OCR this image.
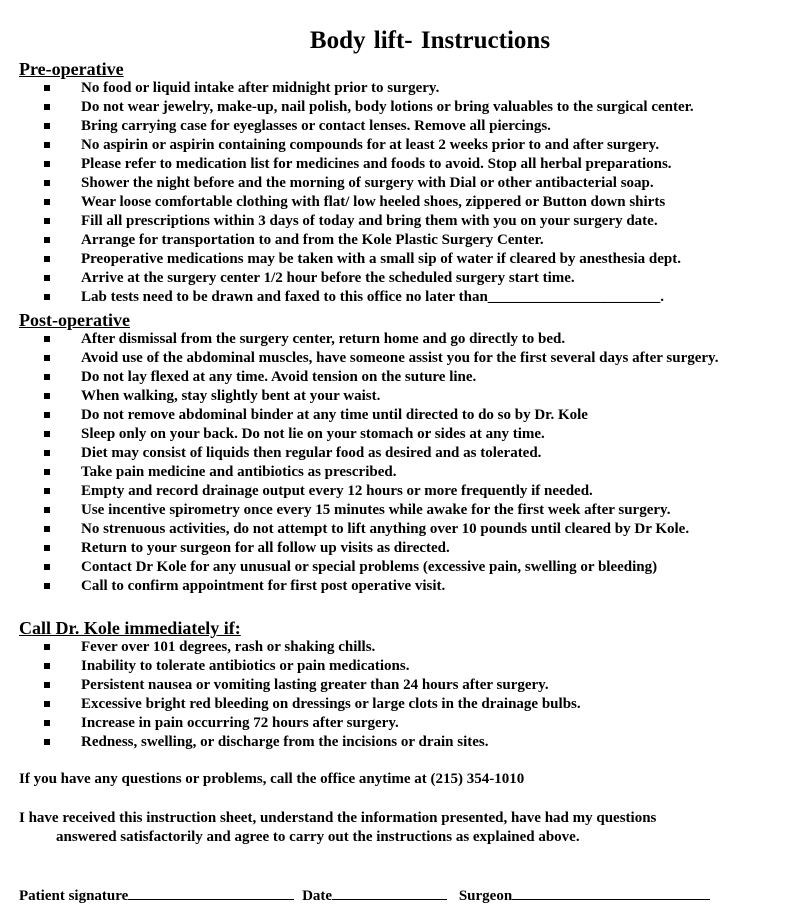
Body lift- Instructions
Pre-operative
No food or liquid intake after midnight prior to surgery.
Do not wear jewelry, make-up, nail polish, body lotions or bring valuables to the surgical center.
Bring carrying case for eyeglasses or contact lenses. Remove all piercings.
No aspirin or aspirin containing compounds for at least 2 weeks prior to and after surgery.
Please refer to medication list for medicines and foods to avoid. Stop all herbal preparations.
Shower the night before and the morning of surgery with Dial or other antibacterial soap.
Wear loose comfortable clothing with flat/ low heeled shoes, zippered or Button down shirts
Fill all prescriptions within 3 days of today and bring them with you on your surgery date.
Arrange for transportation to and from the Kole Plastic Surgery Center.
Preoperative medications may be taken with a small sip of water if cleared by anesthesia dept.
Arrive at the surgery center 1/2 hour before the scheduled surgery start time.
Lab tests need to be drawn and faxed to this office no later than_______________________.
Post-operative
After dismissal from the surgery center, return home and go directly to bed.
Avoid use of the abdominal muscles, have someone assist you for the first several days after surgery.
Do not lay flexed at any time. Avoid tension on the suture line.
When walking, stay slightly bent at your waist.
Do not remove abdominal binder at any time until directed to do so by Dr. Kole
Sleep only on your back. Do not lie on your stomach or sides at any time.
Diet may consist of liquids then regular food as desired and as tolerated.
Take pain medicine and antibiotics as prescribed.
Empty and record drainage output every 12 hours or more frequently if needed.
Use incentive spirometry once every 15 minutes while awake for the first week after surgery.
No strenuous activities, do not attempt to lift anything over 10 pounds until cleared by Dr Kole.
Return to your surgeon for all follow up visits as directed.
Contact Dr Kole for any unusual or special problems (excessive pain, swelling or bleeding)
Call to confirm appointment for first post operative visit.
Call Dr. Kole immediately if:
Fever over 101 degrees, rash or shaking chills.
Inability to tolerate antibiotics or pain medications.
Persistent nausea or vomiting lasting greater than 24 hours after surgery.
Excessive bright red bleeding on dressings or large clots in the drainage bulbs.
Increase in pain occurring 72 hours after surgery.
Redness, swelling, or discharge from the incisions or drain sites.
If you have any questions or problems, call the office anytime at (215) 354-1010
I have received this instruction sheet, understand the information presented, have had my questions
answered satisfactorily and agree to carry out the instructions as explained above.
Patient signature	Date	Surgeon
